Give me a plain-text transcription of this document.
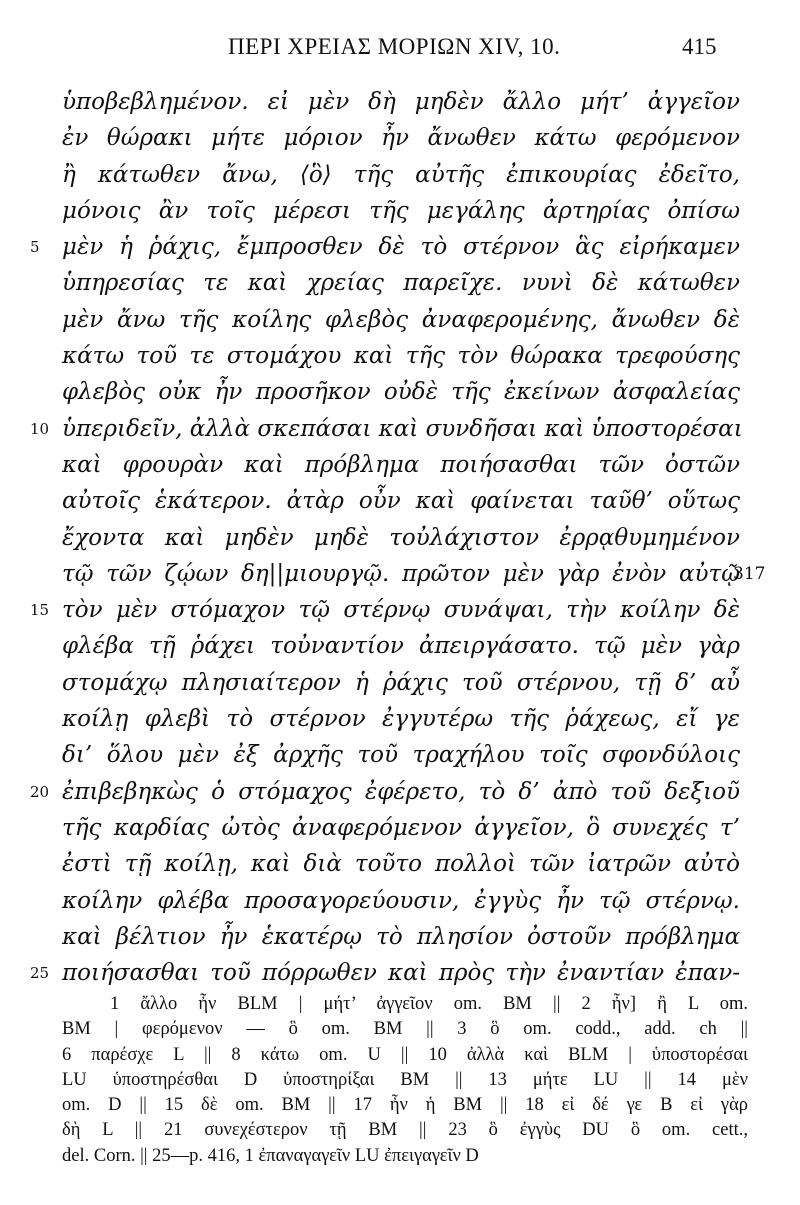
ΠΕΡΙ ΧΡΕΙΑΣ ΜΟΡΙΩΝ XIV, 10.	415
ὑποβεβλημένον. εἰ μὲν δὴ μηδὲν ἄλλο μήτ’ ἀγγεῖον
ἐν θώρακι μήτε μόριον ἦν ἄνωθεν κάτω φερόμενον
ἢ κάτωθεν ἄνω, ⟨ὃ⟩ τῆς αὐτῆς ἐπικουρίας ἐδεῖτο,
μόνοις ἂν τοῖς μέρεσι τῆς μεγάλης ἀρτηρίας ὀπίσω
5 μὲν ἡ ῥάχις, ἔμπροσθεν δὲ τὸ στέρνον ἃς εἰρήκαμεν
ὑπηρεσίας τε καὶ χρείας παρεῖχε. νυνὶ δὲ κάτωθεν
μὲν ἄνω τῆς κοίλης φλεβὸς ἀναφερομένης, ἄνωθεν δὲ
κάτω τοῦ τε στομάχου καὶ τῆς τὸν θώρακα τρεφούσης
φλεβὸς οὐκ ἦν προσῆκον οὐδὲ τῆς ἐκείνων ἀσφαλείας
10 ὑπεριδεῖν, ἀλλὰ σκεπάσαι καὶ συνδῆσαι καὶ ὑποστορέσαι
καὶ φρουρὰν καὶ πρόβλημα ποιήσασθαι τῶν ὀστῶν
αὐτοῖς ἑκάτερον. ἀτὰρ οὖν καὶ φαίνεται ταῦθ’ οὕτως
ἔχοντα καὶ μηδὲν μηδὲ τοὐλάχιστον ἐρρᾳθυμημένον
τῷ τῶν ζῴων δη||μιουργῷ. πρῶτον μὲν γὰρ ἐνὸν αὐτῷ
317
15 τὸν μὲν στόμαχον τῷ στέρνῳ συνάψαι, τὴν κοίλην δὲ
φλέβα τῇ ῥάχει τοὐναντίον ἀπειργάσατο. τῷ μὲν γὰρ
στομάχῳ πλησιαίτερον ἡ ῥάχις τοῦ στέρνου, τῇ δ’ αὖ
κοίλῃ φλεβὶ τὸ στέρνον ἐγγυτέρω τῆς ῥάχεως, εἴ γε
δι’ ὅλου μὲν ἐξ ἀρχῆς τοῦ τραχήλου τοῖς σφονδύλοις
20 ἐπιβεβηκὼς ὁ στόμαχος ἐφέρετο, τὸ δ’ ἀπὸ τοῦ δεξιοῦ
τῆς καρδίας ὠτὸς ἀναφερόμενον ἀγγεῖον, ὃ συνεχές τ’
ἐστὶ τῇ κοίλῃ, καὶ διὰ τοῦτο πολλοὶ τῶν ἰατρῶν αὐτὸ
κοίλην φλέβα προσαγορεύουσιν, ἐγγὺς ἦν τῷ στέρνῳ.
καὶ βέλτιον ἦν ἑκατέρῳ τὸ πλησίον ὀστοῦν πρόβλημα
25 ποιήσασθαι τοῦ πόρρωθεν καὶ πρὸς τὴν ἐναντίαν ἐπαν-
1 ἄλλο ἦν BLM | μήτ’ ἀγγεῖον om. BM || 2 ἦν] ἢ L om.
BM | φερόμενον — ὃ om. BM || 3 ὃ om. codd., add. ch ||
6 παρέσχε L || 8 κάτω om. U || 10 ἀλλὰ καὶ BLM | ὑποστορέσαι
LU ὑποστηρέσθαι D ὑποστηρίξαι BM || 13 μήτε LU || 14 μὲν
om. D || 15 δὲ om. BM || 17 ἦν ἡ BM || 18 εἰ δέ γε B εἰ γὰρ
δὴ L || 21 συνεχέστερον τῇ BM || 23 ὃ ἐγγὺς DU ὃ om. cett.,
del. Corn. || 25—p. 416, 1 ἐπαναγαγεῖν LU ἐπειγαγεῖν D
